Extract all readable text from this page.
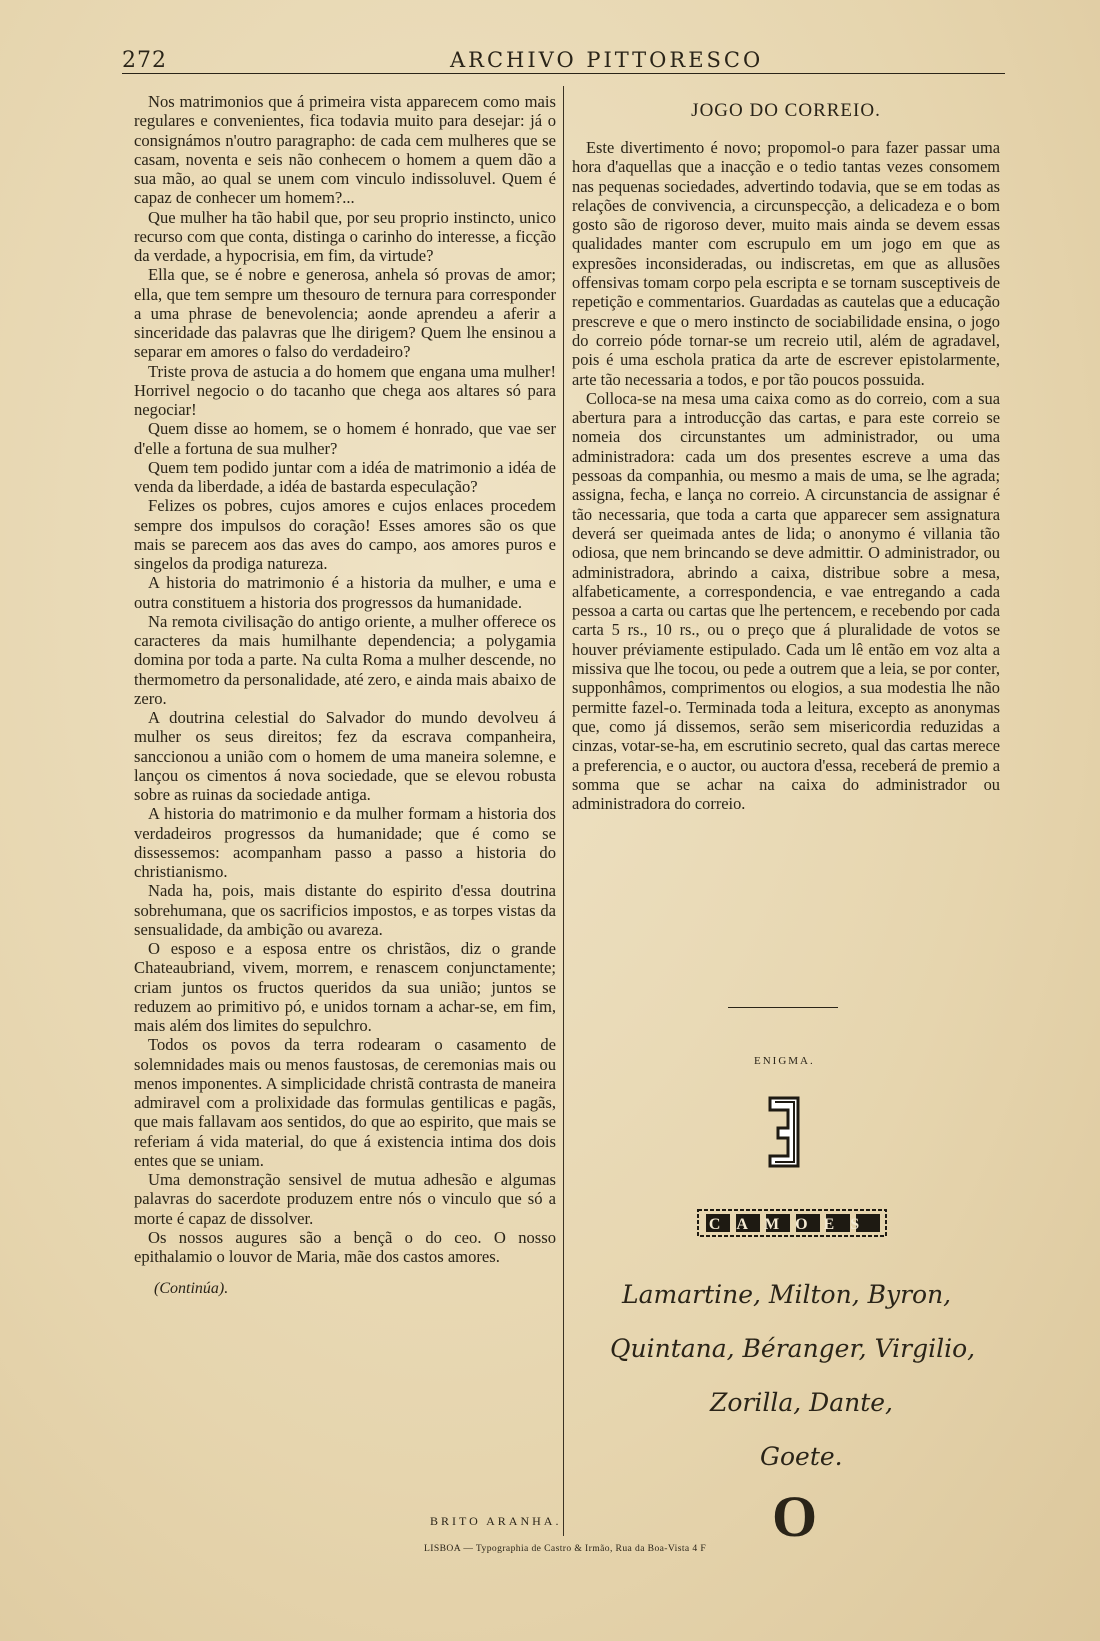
272	ARCHIVO PITTORESCO

Nos matrimonios que á primeira vista apparecem como mais regulares e convenientes, fica todavia muito para desejar: já o consignámos n'outro paragrapho: de cada cem mulheres que se casam, noventa e seis não conhecem o homem a quem dão a sua mão, ao qual se unem com vinculo indissoluvel. Quem é capaz de conhecer um homem?...

Que mulher ha tão habil que, por seu proprio instincto, unico recurso com que conta, distinga o carinho do interesse, a ficção da verdade, a hypocrisia, em fim, da virtude?

Ella que, se é nobre e generosa, anhela só provas de amor; ella, que tem sempre um thesouro de ternura para corresponder a uma phrase de benevolencia; aonde aprendeu a aferir a sinceridade das palavras que lhe dirigem? Quem lhe ensinou a separar em amores o falso do verdadeiro?

Triste prova de astucia a do homem que engana uma mulher! Horrivel negocio o do tacanho que chega aos altares só para negociar!

Quem disse ao homem, se o homem é honrado, que vae ser d'elle a fortuna de sua mulher?

Quem tem podido juntar com a idéa de matrimonio a idéa de venda da liberdade, a idéa de bastarda especulação?

Felizes os pobres, cujos amores e cujos enlaces procedem sempre dos impulsos do coração! Esses amores são os que mais se parecem aos das aves do campo, aos amores puros e singelos da prodiga natureza.

A historia do matrimonio é a historia da mulher, e uma e outra constituem a historia dos progressos da humanidade.

Na remota civilisação do antigo oriente, a mulher offerece os caracteres da mais humilhante dependencia; a polygamia domina por toda a parte. Na culta Roma a mulher descende, no thermometro da personalidade, até zero, e ainda mais abaixo de zero.

A doutrina celestial do Salvador do mundo devolveu á mulher os seus direitos; fez da escrava companheira, sanccionou a união com o homem de uma maneira solemne, e lançou os cimentos á nova sociedade, que se elevou robusta sobre as ruinas da sociedade antiga.

A historia do matrimonio e da mulher formam a historia dos verdadeiros progressos da humanidade; que é como se dissessemos: acompanham passo a passo a historia do christianismo.

Nada ha, pois, mais distante do espirito d'essa doutrina sobrehumana, que os sacrificios impostos, e as torpes vistas da sensualidade, da ambição ou avareza.

O esposo e a esposa entre os christãos, diz o grande Chateaubriand, vivem, morrem, e renascem conjunctamente; criam juntos os fructos queridos da sua união; juntos se reduzem ao primitivo pó, e unidos tornam a achar-se, em fim, mais além dos limites do sepulchro.

Todos os povos da terra rodearam o casamento de solemnidades mais ou menos faustosas, de ceremonias mais ou menos imponentes. A simplicidade christã contrasta de maneira admiravel com a prolixidade das formulas gentilicas e pagãs, que mais fallavam aos sentidos, do que ao espirito, que mais se referiam á vida material, do que á existencia intima dos dois entes que se uniam.

Uma demonstração sensivel de mutua adhesão e algumas palavras do sacerdote produzem entre nós o vinculo que só a morte é capaz de dissolver.

Os nossos augures são a bençã o do ceo. O nosso epithalamio o louvor de Maria, mãe dos castos amores.

(Continúa).
BRITO ARANHA.
LISBOA — Typographia de Castro & Irmão, Rua da Boa-Vista 4 F
JOGO DO CORREIO.

Este divertimento é novo; propomol-o para fazer passar uma hora d'aquellas que a inacção e o tedio tantas vezes consomem nas pequenas sociedades, advertindo todavia, que se em todas as relações de convivencia, a circunspecção, a delicadeza e o bom gosto são de rigoroso dever, muito mais ainda se devem essas qualidades manter com escrupulo em um jogo em que as expresões inconsideradas, ou indiscretas, em que as allusões offensivas tomam corpo pela escripta e se tornam susceptiveis de repetição e commentarios. Guardadas as cautelas que a educação prescreve e que o mero instincto de sociabilidade ensina, o jogo do correio póde tornar-se um recreio util, além de agradavel, pois é uma eschola pratica da arte de escrever epistolarmente, arte tão necessaria a todos, e por tão poucos possuida.

Colloca-se na mesa uma caixa como as do correio, com a sua abertura para a introducção das cartas, e para este correio se nomeia dos circunstantes um administrador, ou uma administradora: cada um dos presentes escreve a uma das pessoas da companhia, ou mesmo a mais de uma, se lhe agrada; assigna, fecha, e lança no correio. A circunstancia de assignar é tão necessaria, que toda a carta que apparecer sem assignatura deverá ser queimada antes de lida; o anonymo é villania tão odiosa, que nem brincando se deve admittir. O administrador, ou administradora, abrindo a caixa, distribue sobre a mesa, alfabeticamente, a correspondencia, e vae entregando a cada pessoa a carta ou cartas que lhe pertencem, e recebendo por cada carta 5 rs., 10 rs., ou o preço que á pluralidade de votos se houver préviamente estipulado. Cada um lê então em voz alta a missiva que lhe tocou, ou pede a outrem que a leia, se por conter, supponhâmos, comprimentos ou elogios, a sua modestia lhe não permitte fazel-o. Terminada toda a leitura, excepto as anonymas que, como já dissemos, serão sem misericordia reduzidas a cinzas, votar-se-ha, em escrutinio secreto, qual das cartas merece a preferencia, e o auctor, ou auctora d'essa, receberá de premio a somma que se achar na caixa do administrador ou administradora do correio.

ENIGMA.
CAMOES
Lamartine, Milton, Byron,
Quintana, Béranger, Virgilio,
Zorilla, Dante,
Goete.
O
